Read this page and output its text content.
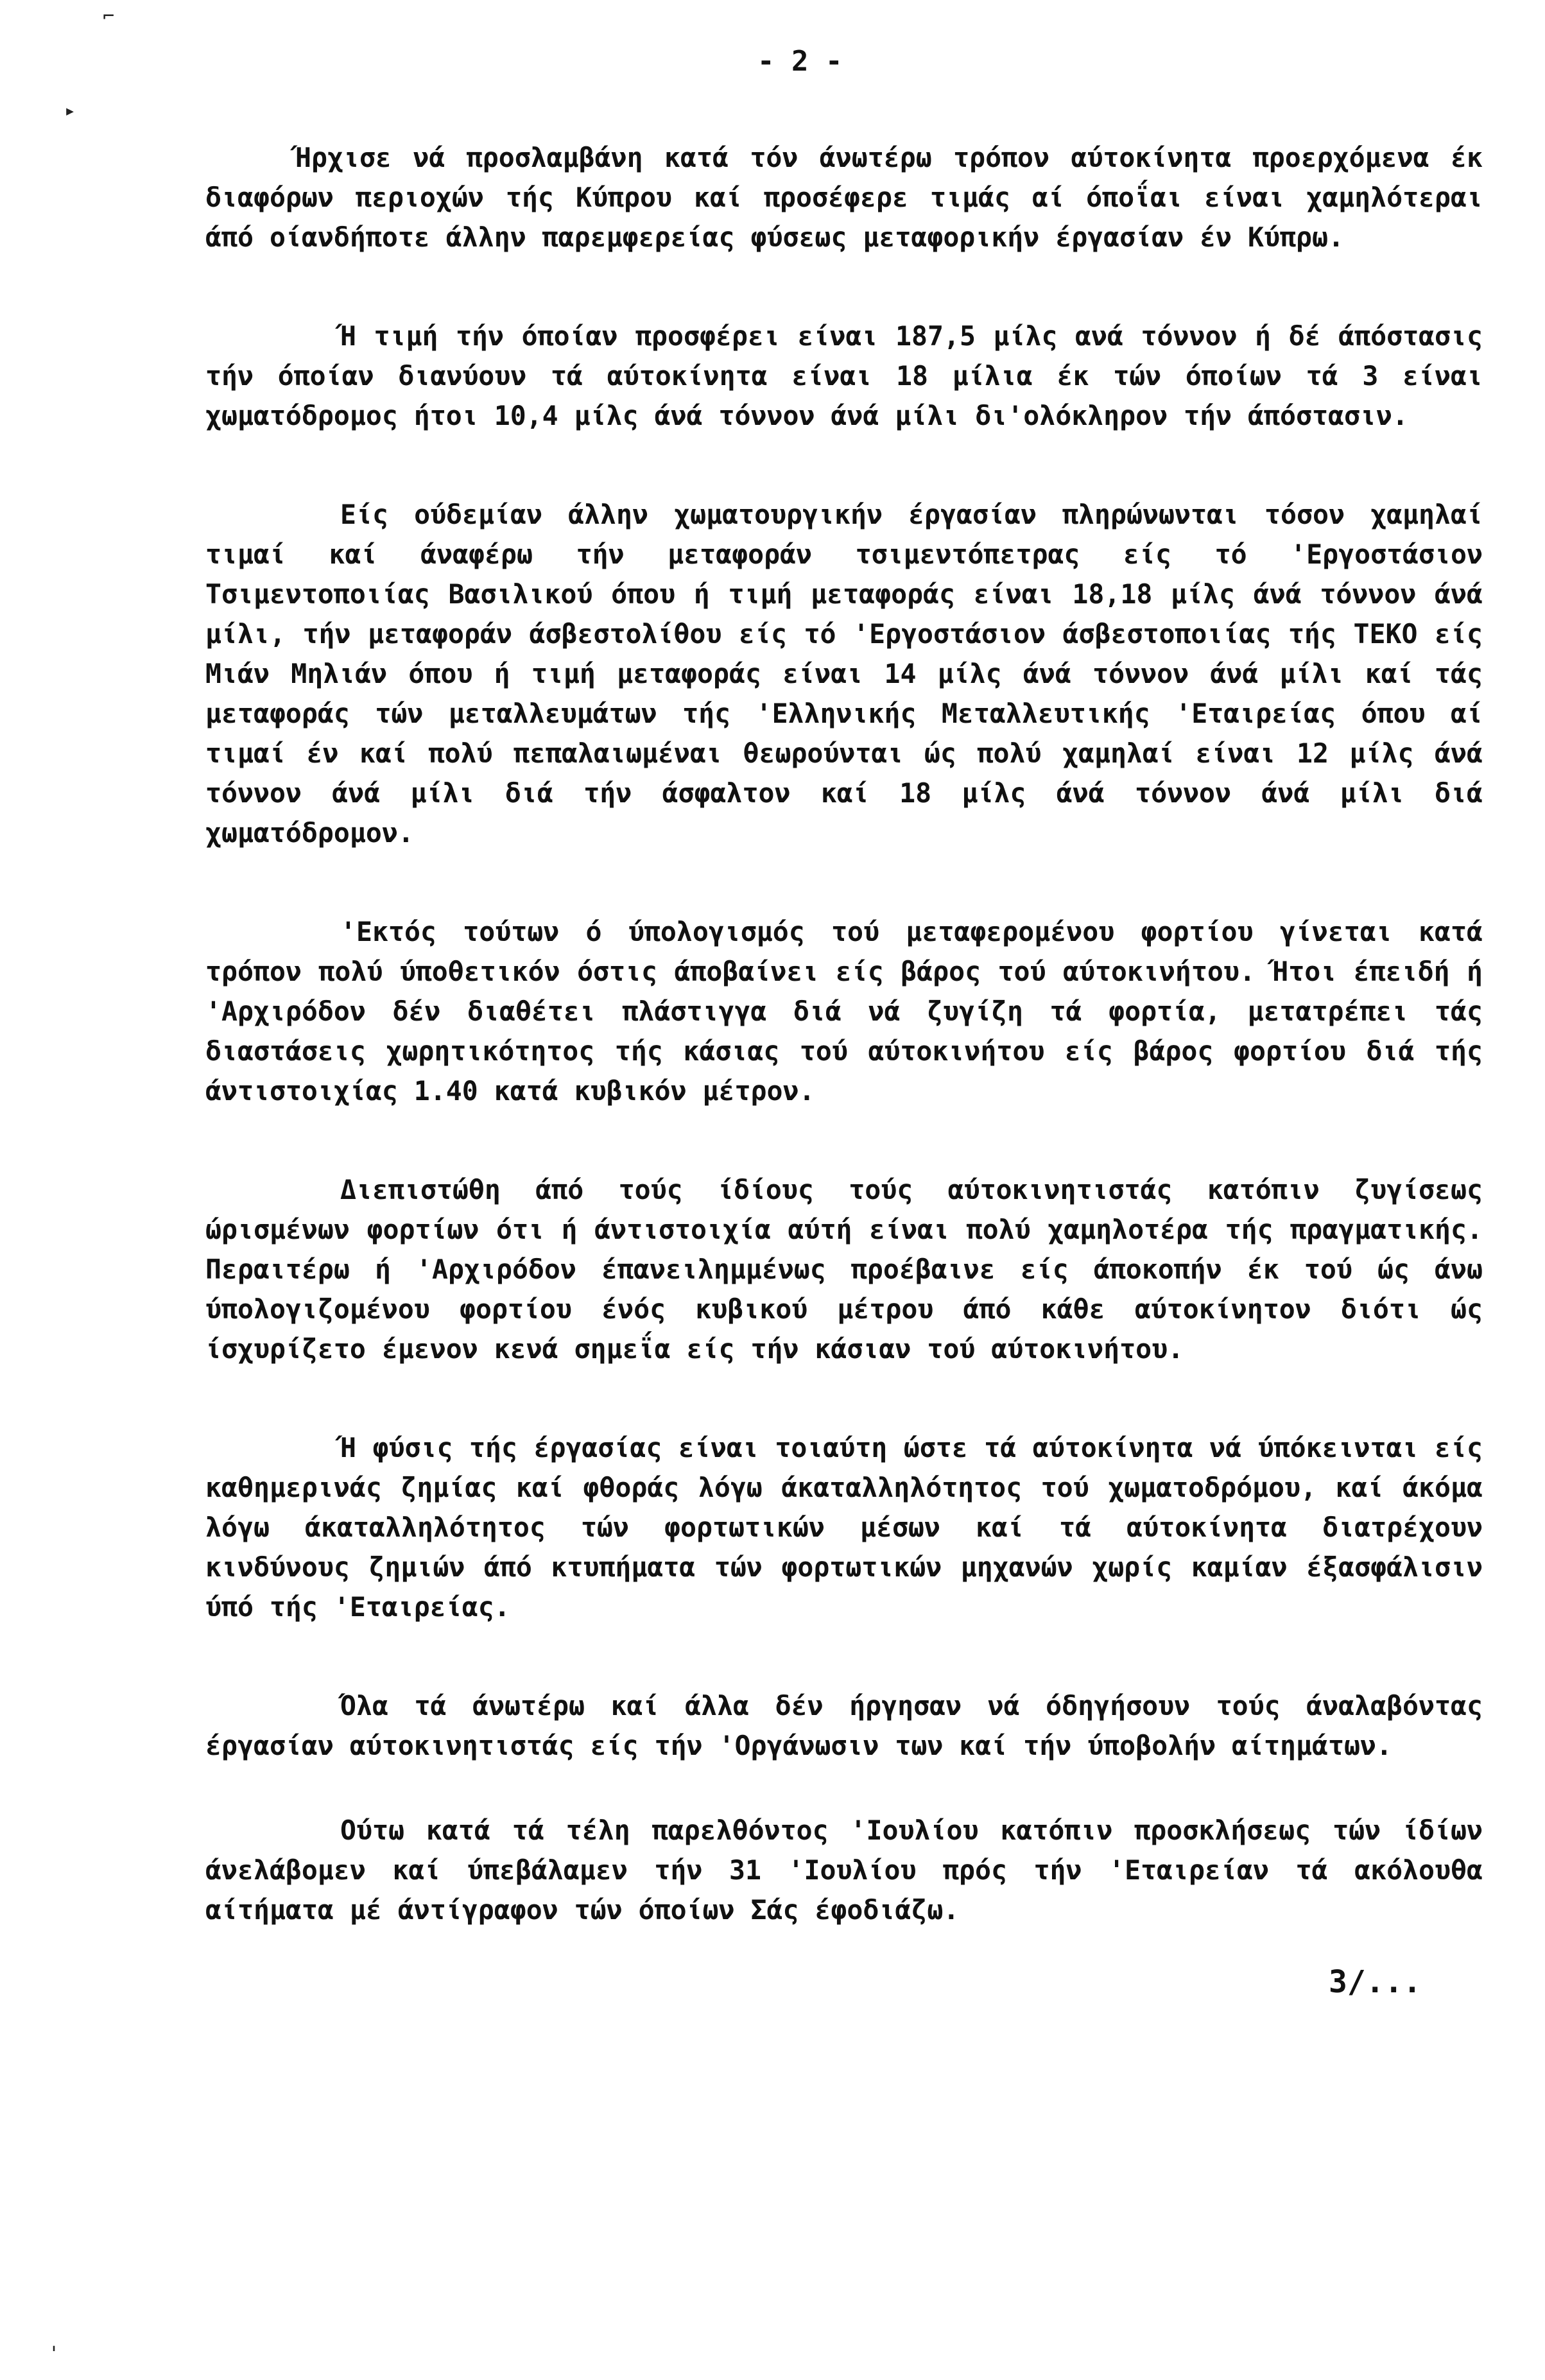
▸
⌐
'
- 2 -

Ήρχισε νά προσλαμβάνη κατά τόν άνωτέρω τρόπον αύτοκίνητα προερχόμενα έκ διαφόρων περιοχών τής Κύπρου καί προσέφερε τιμάς αί όποΐαι είναι χαμηλότεραι άπό οίανδήποτε άλλην παρεμφερείας φύσεως μεταφορικήν έργασίαν έν Κύπρω.

Ή τιμή τήν όποίαν προσφέρει είναι 187,5 μίλς ανά τόννον ή δέ άπόστασις τήν όποίαν διανύουν τά αύτοκίνητα είναι 18 μίλια έκ τών όποίων τά 3 είναι χωματόδρομος ήτοι 10,4 μίλς άνά τόννον άνά μίλι δι'ολόκληρον τήν άπόστασιν.

Είς ούδεμίαν άλλην χωματουργικήν έργασίαν πληρώνωνται τόσον χαμηλαί τιμαί καί άναφέρω τήν μεταφοράν τσιμεντόπετρας είς τό 'Εργοστάσιον Τσιμεντοποιίας Βασιλικού όπου ή τιμή μεταφοράς είναι 18,18 μίλς άνά τόννον άνά μίλι, τήν μεταφοράν άσβεστολίθου είς τό 'Εργοστάσιον άσβεστοποιίας τής ΤΕΚΟ είς Μιάν Μηλιάν όπου ή τιμή μεταφοράς είναι 14 μίλς άνά τόννον άνά μίλι καί τάς μεταφοράς τών μεταλλευμάτων τής 'Ελληνικής Μεταλλευτικής 'Εταιρείας όπου αί τιμαί έν καί πολύ πεπαλαιωμέναι θεωρούνται ώς πολύ χαμηλαί είναι 12 μίλς άνά τόννον άνά μίλι διά τήν άσφαλτον καί 18 μίλς άνά τόννον άνά μίλι διά χωματόδρομον.

'Εκτός τούτων ό ύπολογισμός τού μεταφερομένου φορτίου γίνεται κατά τρόπον πολύ ύποθετικόν όστις άποβαίνει είς βάρος τού αύτοκινήτου. Ήτοι έπειδή ή 'Αρχιρόδον δέν διαθέτει πλάστιγγα διά νά ζυγίζη τά φορτία, μετατρέπει τάς διαστάσεις χωρητικότητος τής κάσιας τού αύτοκινήτου είς βάρος φορτίου διά τής άντιστοιχίας 1.40 κατά κυβικόν μέτρον.

Διεπιστώθη άπό τούς ίδίους τούς αύτοκινητιστάς κατόπιν ζυγίσεως ώρισμένων φορτίων ότι ή άντιστοιχία αύτή είναι πολύ χαμηλοτέρα τής πραγματικής. Περαιτέρω ή 'Αρχιρόδον έπανειλημμένως προέβαινε είς άποκοπήν έκ τού ώς άνω ύπολογιζομένου φορτίου ένός κυβικού μέτρου άπό κάθε αύτοκίνητον διότι ώς ίσχυρίζετο έμενον κενά σημεΐα είς τήν κάσιαν τού αύτοκινήτου.

Ή φύσις τής έργασίας είναι τοιαύτη ώστε τά αύτοκίνητα νά ύπόκεινται είς καθημερινάς ζημίας καί φθοράς λόγω άκαταλληλότητος τού χωματοδρόμου, καί άκόμα λόγω άκαταλληλότητος τών φορτωτικών μέσων καί τά αύτοκίνητα διατρέχουν κινδύνους ζημιών άπό κτυπήματα τών φορτωτικών μηχανών χωρίς καμίαν έξασφάλισιν ύπό τής 'Εταιρείας.

Όλα τά άνωτέρω καί άλλα δέν ήργησαν νά όδηγήσουν τούς άναλαβόντας έργασίαν αύτοκινητιστάς είς τήν 'Οργάνωσιν των καί τήν ύποβολήν αίτημάτων.

Ούτω κατά τά τέλη παρελθόντος 'Ιουλίου κατόπιν προσκλήσεως τών ίδίων άνελάβομεν καί ύπεβάλαμεν τήν 31 'Ιουλίου πρός τήν 'Εταιρείαν τά ακόλουθα αίτήματα μέ άντίγραφον τών όποίων Σάς έφοδιάζω.

3/...
